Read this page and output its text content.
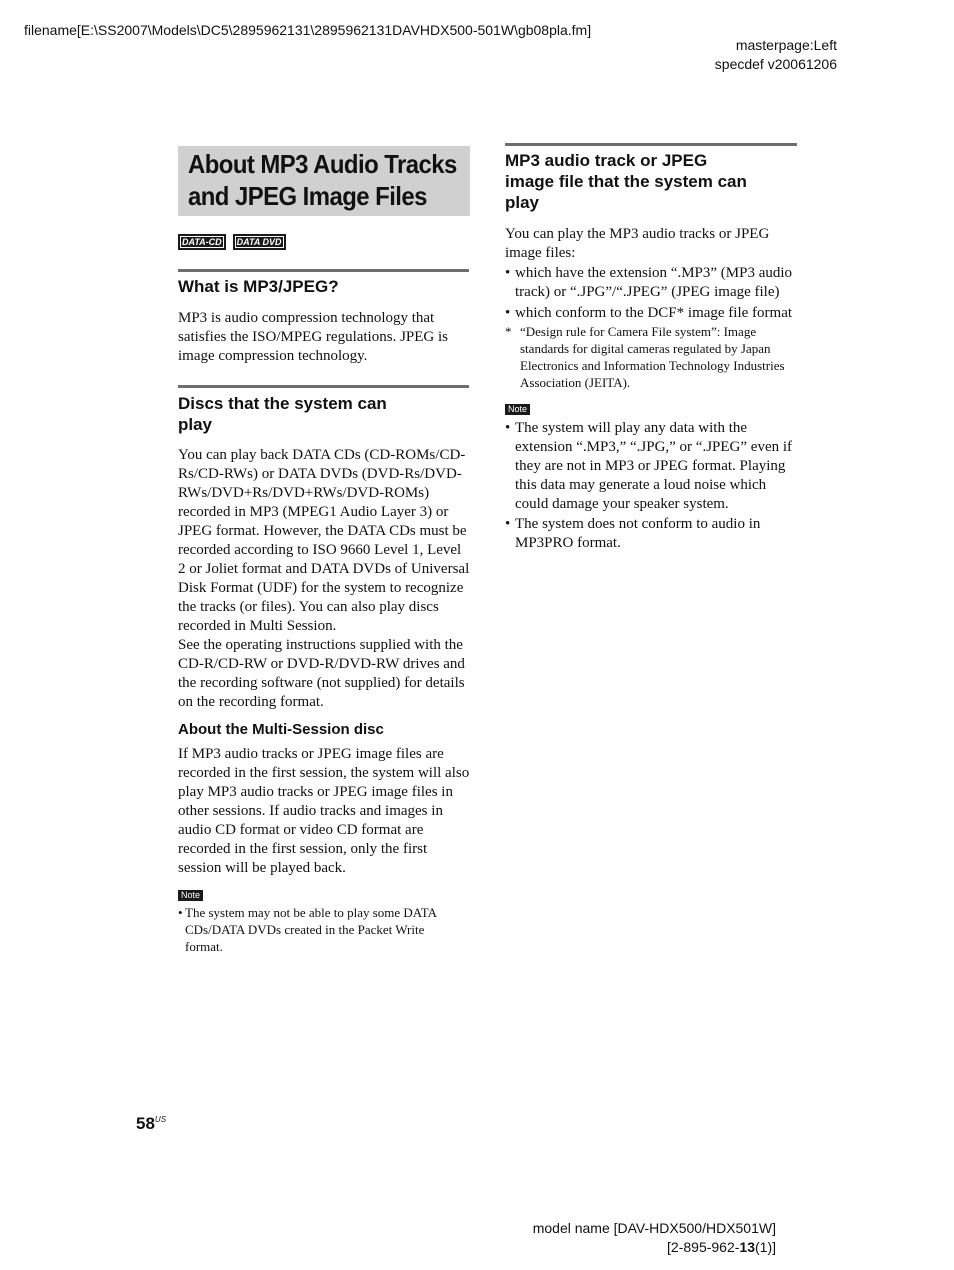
filename[E:\SS2007\Models\DC5\2895962131\2895962131DAVHDX500-501W\gb08pla.fm]
masterpage:Left
specdef v20061206
About MP3 Audio Tracks
and JPEG Image Files
DATA-CD DATA DVD
What is MP3/JPEG?

MP3 is audio compression technology that
satisfies the ISO/MPEG regulations. JPEG is
image compression technology.

Discs that the system can
play

You can play back DATA CDs (CD-ROMs/CD-
Rs/CD-RWs) or DATA DVDs (DVD-Rs/DVD-
RWs/DVD+Rs/DVD+RWs/DVD-ROMs)
recorded in MP3 (MPEG1 Audio Layer 3) or
JPEG format. However, the DATA CDs must be
recorded according to ISO 9660 Level 1, Level
2 or Joliet format and DATA DVDs of Universal
Disk Format (UDF) for the system to recognize
the tracks (or files). You can also play discs
recorded in Multi Session.
See the operating instructions supplied with the
CD-R/CD-RW or DVD-R/DVD-RW drives and
the recording software (not supplied) for details
on the recording format.

About the Multi-Session disc

If MP3 audio tracks or JPEG image files are
recorded in the first session, the system will also
play MP3 audio tracks or JPEG image files in
other sessions. If audio tracks and images in
audio CD format or video CD format are
recorded in the first session, only the first
session will be played back.

Note
• The system may not be able to play some DATA
CDs/DATA DVDs created in the Packet Write
format.
MP3 audio track or JPEG
image file that the system can
play

You can play the MP3 audio tracks or JPEG
image files:

• which have the extension “.MP3” (MP3 audio
track) or “.JPG”/“.JPEG” (JPEG image file)
• which conform to the DCF* image file format
* “Design rule for Camera File system”: Image
standards for digital cameras regulated by Japan
Electronics and Information Technology Industries
Association (JEITA).
Note
• The system will play any data with the
extension “.MP3,” “.JPG,” or “.JPEG” even if
they are not in MP3 or JPEG format. Playing
this data may generate a loud noise which
could damage your speaker system.
• The system does not conform to audio in
MP3PRO format.
$58^{US}$
model name [DAV-HDX500/HDX501W]
[2-895-962-13(1)]
